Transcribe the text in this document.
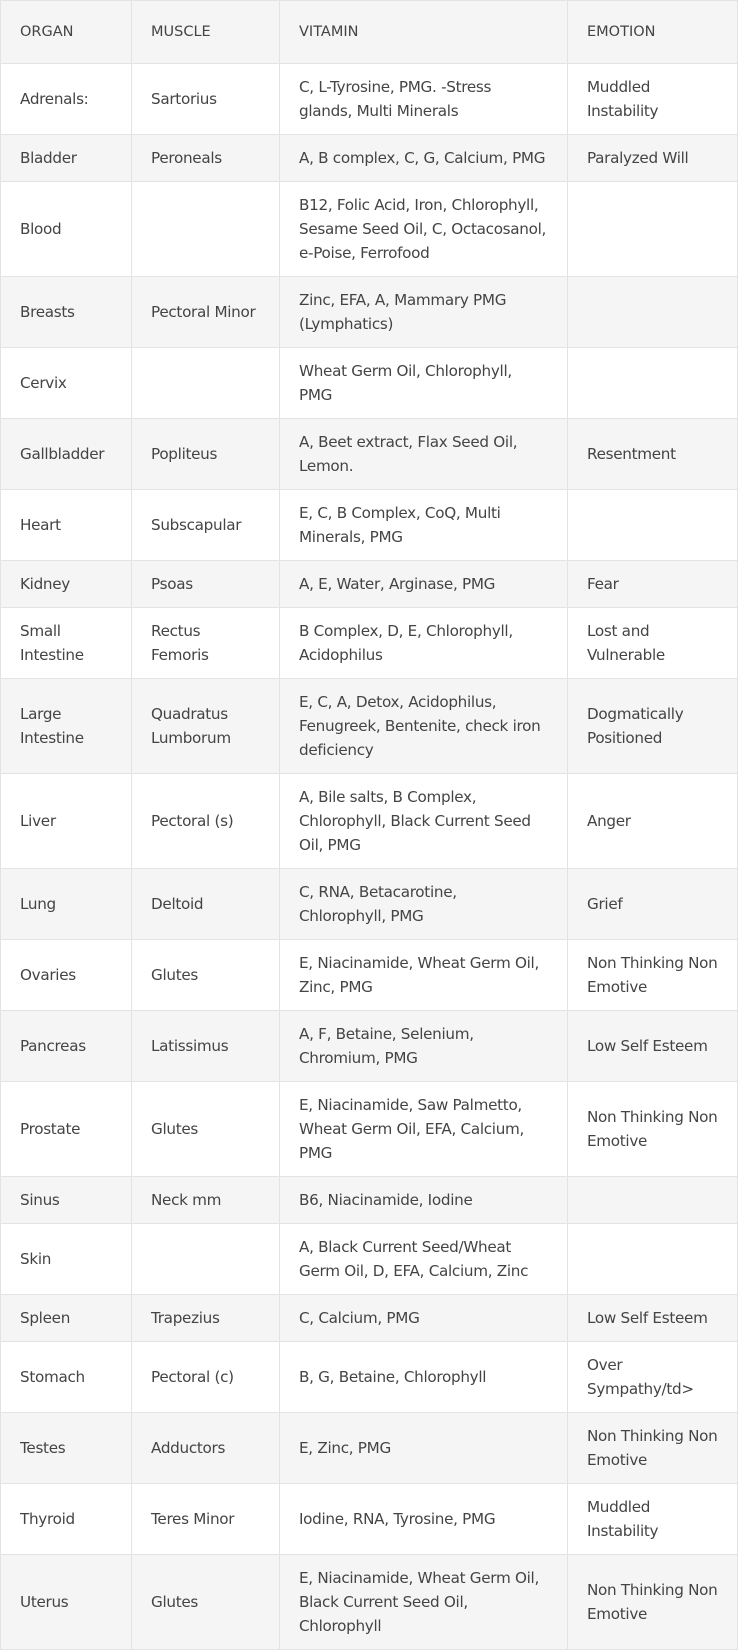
ORGAN	MUSCLE	VITAMIN	EMOTION
Adrenals:	Sartorius	C, L-Tyrosine, PMG. -Stress glands, Multi Minerals	Muddled Instability
Bladder	Peroneals	A, B complex, C, G, Calcium, PMG	Paralyzed Will
Blood		B12, Folic Acid, Iron, Chlorophyll, Sesame Seed Oil, C, Octacosanol, e-Poise, Ferrofood	
Breasts	Pectoral Minor	Zinc, EFA, A, Mammary PMG (Lymphatics)	
Cervix		Wheat Germ Oil, Chlorophyll, PMG	
Gallbladder	Popliteus	A, Beet extract, Flax Seed Oil, Lemon.	Resentment
Heart	Subscapular	E, C, B Complex, CoQ, Multi Minerals, PMG	
Kidney	Psoas	A, E, Water, Arginase, PMG	Fear
Small Intestine	Rectus Femoris	B Complex, D, E, Chlorophyll, Acidophilus	Lost and Vulnerable
Large Intestine	Quadratus Lumborum	E, C, A, Detox, Acidophilus, Fenugreek, Bentenite, check iron deficiency	Dogmatically Positioned
Liver	Pectoral (s)	A, Bile salts, B Complex, Chlorophyll, Black Current Seed Oil, PMG	Anger
Lung	Deltoid	C, RNA, Betacarotine, Chlorophyll, PMG	Grief
Ovaries	Glutes	E, Niacinamide, Wheat Germ Oil, Zinc, PMG	Non Thinking Non Emotive
Pancreas	Latissimus	A, F, Betaine, Selenium, Chromium, PMG	Low Self Esteem
Prostate	Glutes	E, Niacinamide, Saw Palmetto, Wheat Germ Oil, EFA, Calcium, PMG	Non Thinking Non Emotive
Sinus	Neck mm	B6, Niacinamide, Iodine	
Skin		A, Black Current Seed/Wheat Germ Oil, D, EFA, Calcium, Zinc	
Spleen	Trapezius	C, Calcium, PMG	Low Self Esteem
Stomach	Pectoral (c)	B, G, Betaine, Chlorophyll	Over Sympathy/td>
Testes	Adductors	E, Zinc, PMG	Non Thinking Non Emotive
Thyroid	Teres Minor	Iodine, RNA, Tyrosine, PMG	Muddled Instability
Uterus	Glutes	E, Niacinamide, Wheat Germ Oil, Black Current Seed Oil, Chlorophyll	Non Thinking Non Emotive
